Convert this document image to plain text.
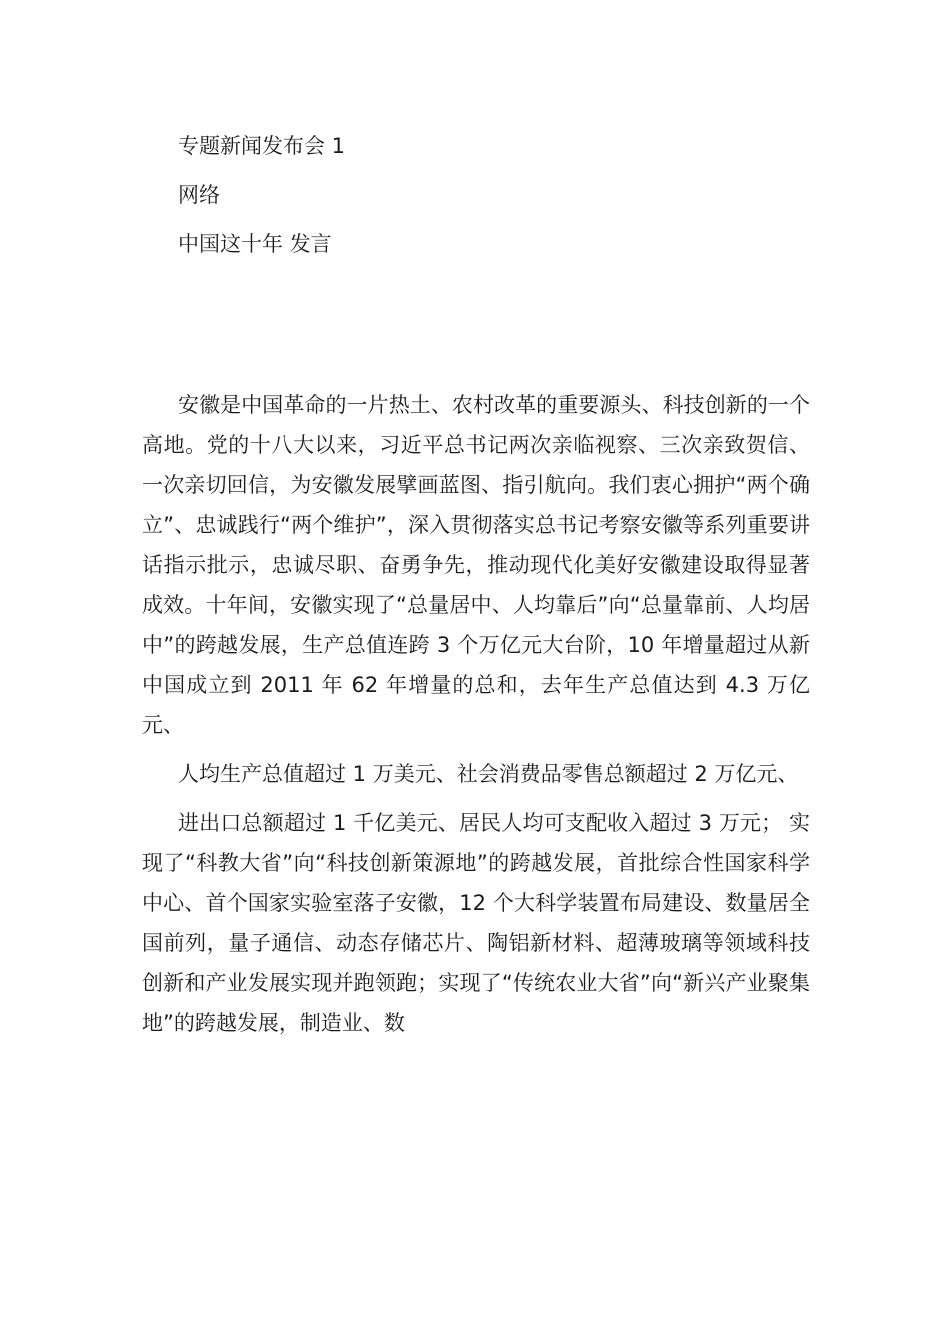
专题新闻发布会 1

网络

中国这十年 发言

安徽是中国革命的一片热土、农村改革的重要源头、科技创新的一个高地。党的十八大以来，习近平总书记两次亲临视察、三次亲致贺信、一次亲切回信，为安徽发展擘画蓝图、指引航向。我们衷心拥护“两个确立”、忠诚践行“两个维护”，深入贯彻落实总书记考察安徽等系列重要讲话指示批示，忠诚尽职、奋勇争先，推动现代化美好安徽建设取得显著成效。十年间，安徽实现了“总量居中、人均靠后”向“总量靠前、人均居中”的跨越发展，生产总值连跨 3 个万亿元大台阶，10 年增量超过从新中国成立到 2011 年 62 年增量的总和，去年生产总值达到 4.3 万亿元、

人均生产总值超过 1 万美元、社会消费品零售总额超过 2 万亿元、

进出口总额超过 1 千亿美元、居民人均可支配收入超过 3 万元； 实现了“科教大省”向“科技创新策源地”的跨越发展，首批综合性国家科学中心、首个国家实验室落子安徽，12 个大科学装置布局建设、数量居全国前列，量子通信、动态存储芯片、陶铝新材料、超薄玻璃等领域科技创新和产业发展实现并跑领跑；实现了“传统农业大省”向“新兴产业聚集地”的跨越发展，制造业、数
